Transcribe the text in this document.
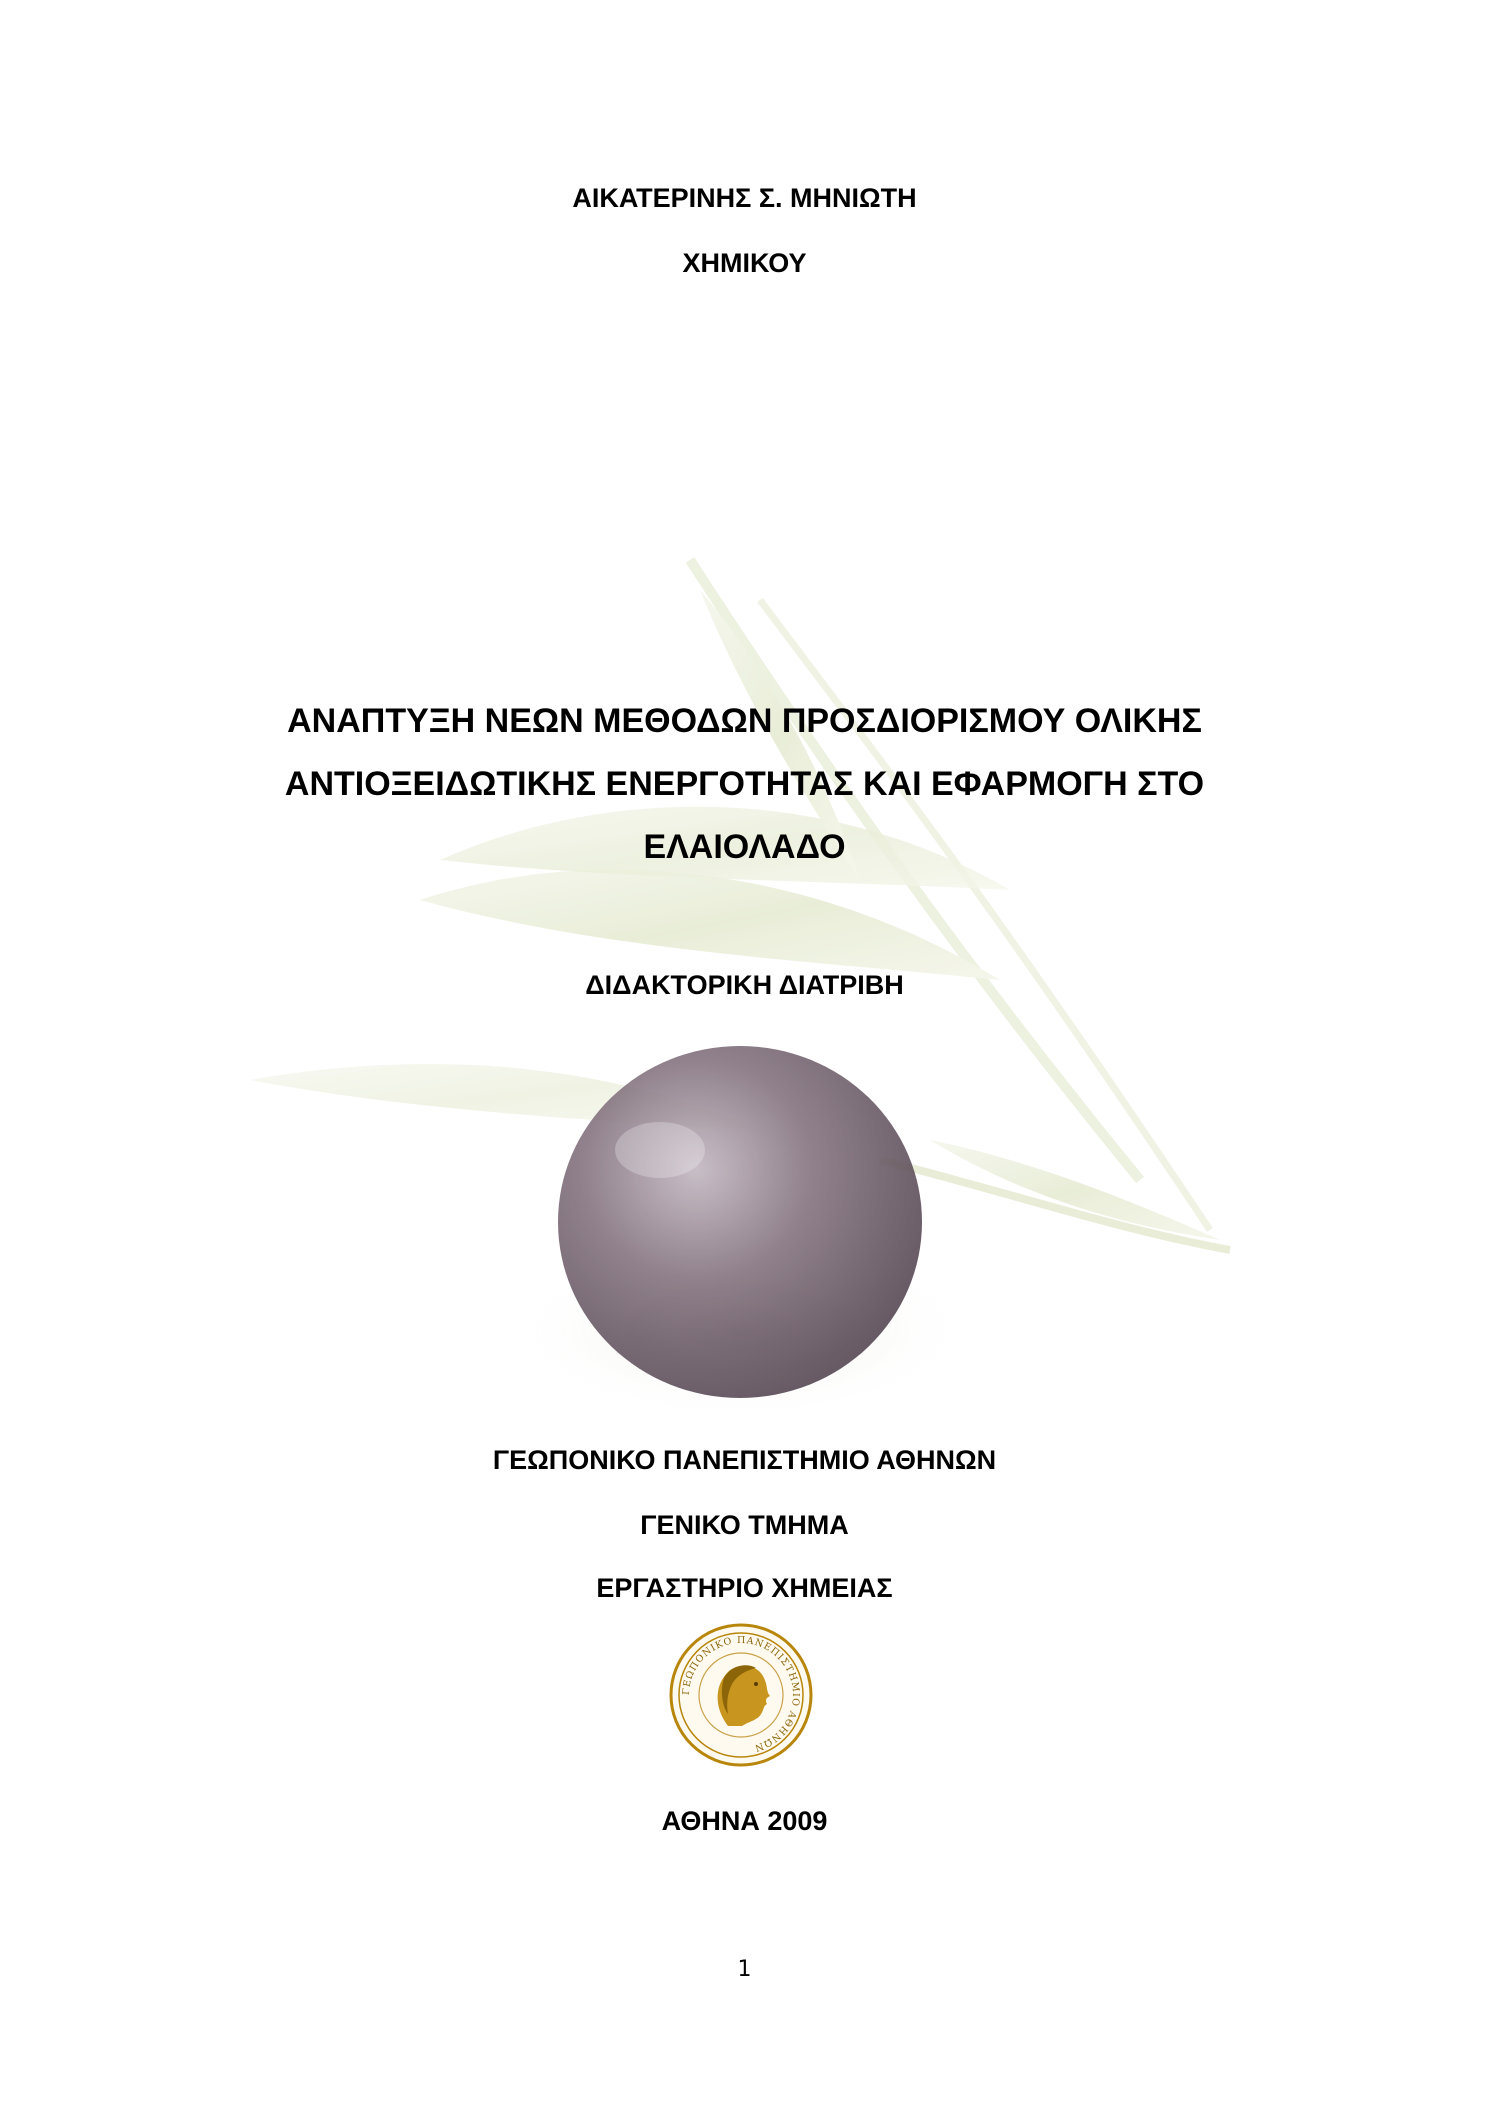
ΑΙΚΑΤΕΡΙΝΗΣ Σ. ΜΗΝΙΩΤΗ
ΧΗΜΙΚΟΥ
ΑΝΑΠΤΥΞΗ ΝΕΩΝ ΜΕΘΟΔΩΝ ΠΡΟΣΔΙΟΡΙΣΜΟΥ ΟΛΙΚΗΣ
ΑΝΤΙΟΞΕΙΔΩΤΙΚΗΣ ΕΝΕΡΓΟΤΗΤΑΣ ΚΑΙ ΕΦΑΡΜΟΓΗ ΣΤΟ
ΕΛΑΙΟΛΑΔΟ
ΔΙΔΑΚΤΟΡΙΚΗ ΔΙΑΤΡΙΒΗ
ΓΕΩΠΟΝΙΚΟ ΠΑΝΕΠΙΣΤΗΜΙΟ ΑΘΗΝΩΝ
ΓΕΝΙΚΟ ΤΜΗΜΑ
ΕΡΓΑΣΤΗΡΙΟ ΧΗΜΕΙΑΣ
ΓΕΩΠΟΝΙΚΟ ΠΑΝΕΠΙΣΤΗΜΙΟ ΑΘΗΝΩΝ
ΑΘΗΝΑ 2009
1
